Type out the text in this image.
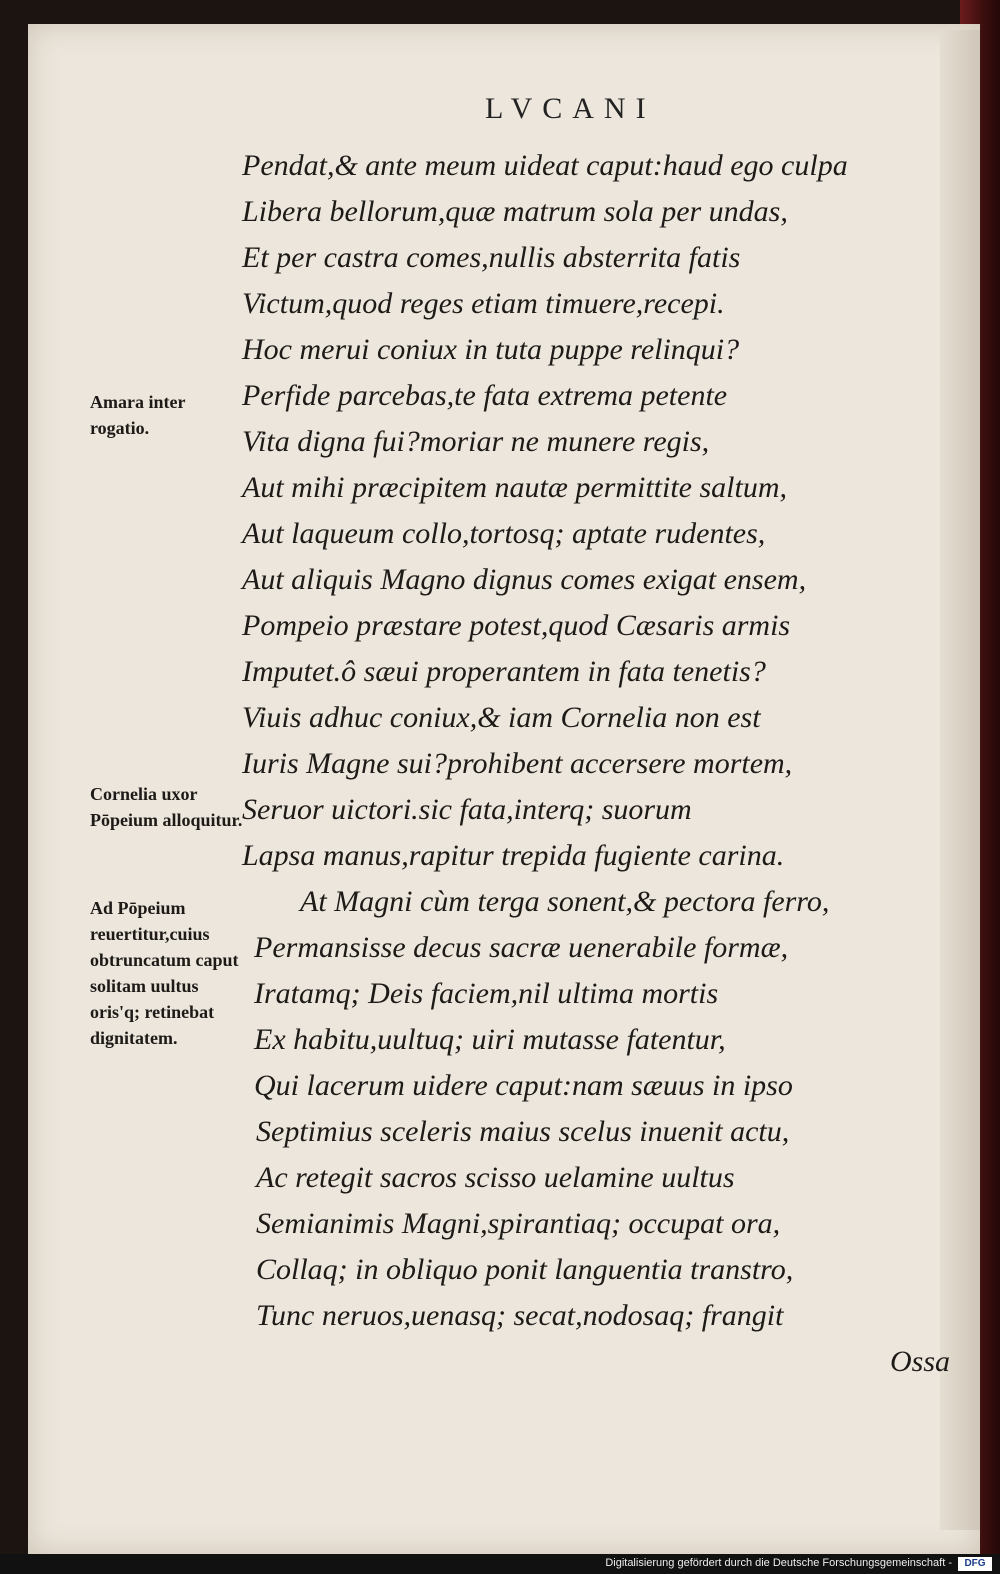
LVCANI
Pendat,& ante meum uideat caput:haud ego culpa
Libera bellorum,quæ matrum sola per undas,
Et per castra comes,nullis absterrita fatis
Victum,quod reges etiam timuere,recepi.
Hoc merui coniux in tuta puppe relinqui?
Perfide parcebas,te fata extrema petente
Vita digna fui?moriar ne munere regis,
Aut mihi præcipitem nautæ permittite saltum,
Aut laqueum collo,tortosq; aptate rudentes,
Aut aliquis Magno dignus comes exigat ensem,
Pompeio præstare potest,quod Cæsaris armis
Imputet.ô sæui properantem in fata tenetis?
Viuis adhuc coniux,& iam Cornelia non est
Iuris Magne sui?prohibent accersere mortem,
Seruor uictori.sic fata,interq; suorum
Lapsa manus,rapitur trepida fugiente carina.
At Magni cùm terga sonent,& pectora ferro,
Permansisse decus sacræ uenerabile formæ,
Iratamq; Deis faciem,nil ultima mortis
Ex habitu,uultuq; uiri mutasse fatentur,
Qui lacerum uidere caput:nam sæuus in ipso
Septimius sceleris maius scelus inuenit actu,
Ac retegit sacros scisso uelamine uultus
Semianimis Magni,spirantiaq; occupat ora,
Collaq; in obliquo ponit languentia transtro,
Tunc neruos,uenasq; secat,nodosaq; frangit
Amara inter rogatio.
Cornelia uxor Pōpeium alloquitur.
Ad Pōpeium reuertitur,cuius obtruncatum caput solitam uultus oris'q; retinebat dignitatem.
Ossa
Digitalisierung gefördert durch die Deutsche Forschungsgemeinschaft -	DFG
